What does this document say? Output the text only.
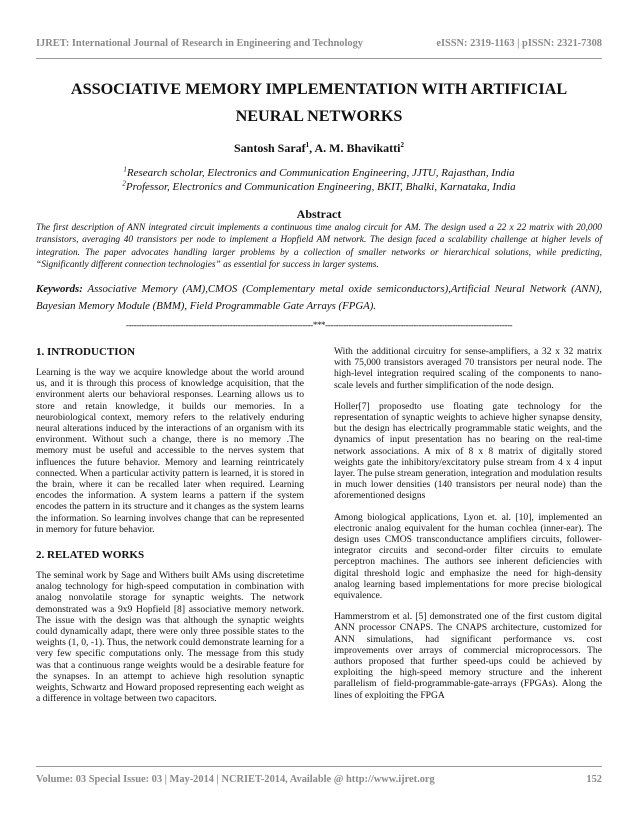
IJRET: International Journal of Research in Engineering and Technology	eISSN: 2319-1163 | pISSN: 2321-7308
ASSOCIATIVE MEMORY IMPLEMENTATION WITH ARTIFICIAL
NEURAL NETWORKS
Santosh Saraf$^1$, A. M. Bhavikatti$^2$
$^1$Research scholar, Electronics and Communication Engineering, JJTU, Rajasthan, India
$^2$Professor, Electronics and Communication Engineering, BKIT, Bhalki, Karnataka, India
Abstract
The first description of ANN integrated circuit implements a continuous time analog circuit for AM. The design used a 22 x 22 matrix with 20,000 transistors, averaging 40 transistors per node to implement a Hopfield AM network. The design faced a scalability challenge at higher levels of integration. The paper advocates handling larger problems by a collection of smaller networks or hierarchical solutions, while predicting, “Significantly different connection technologies” as essential for success in larger systems.
Keywords: Associative Memory (AM),CMOS (Complementary metal oxide semiconductors),Artificial Neural Network (ANN), Bayesian Memory Module (BMM), Field Programmable Gate Arrays (FPGA).
------------------------------------------------------------------------***------------------------------------------------------------------------
1. INTRODUCTION

Learning is the way we acquire knowledge about the world around us, and it is through this process of knowledge acquisition, that the environment alerts our behavioral responses. Learning allows us to store and retain knowledge, it builds our memories. In a neurobiological context, memory refers to the relatively enduring neural alterations induced by the interactions of an organism with its environment. Without such a change, there is no memory .The memory must be useful and accessible to the nerves system that influences the future behavior. Memory and learning reintricately connected. When a particular activity pattern is learned, it is stored in the brain, where it can be recalled later when required. Learning encodes the information. A system learns a pattern if the system encodes the pattern in its structure and it changes as the system learns the information. So learning involves change that can be represented in memory for future behavior.

2. RELATED WORKS

The seminal work by Sage and Withers built AMs using discretetime analog technology for high-speed computation in combination with analog nonvolatile storage for synaptic weights. The network demonstrated was a 9x9 Hopfield [8] associative memory network. The issue with the design was that although the synaptic weights could dynamically adapt, there were only three possible states to the weights (1, 0, -1). Thus, the network could demonstrate learning for a very few specific computations only. The message from this study was that a continuous range weights would be a desirable feature for the synapses. In an attempt to achieve high resolution synaptic weights, Schwartz and Howard proposed representing each weight as a difference in voltage between two capacitors.

With the additional circuitry for sense-amplifiers, a 32 x 32 matrix with 75,000 transistors averaged 70 transistors per neural node. The high-level integration required scaling of the components to nano-scale levels and further simplification of the node design.

Holler[7] proposedto use floating gate technology for the representation of synaptic weights to achieve higher synapse density, but the design has electrically programmable static weights, and the dynamics of input presentation has no bearing on the real-time network associations. A mix of 8 x 8 matrix of digitally stored weights gate the inhibitory/excitatory pulse stream from 4 x 4 input layer. The pulse stream generation, integration and modulation results in much lower densities (140 transistors per neural node) than the aforementioned designs

Among biological applications, Lyon et. al. [10], implemented an electronic analog equivalent for the human cochlea (inner-ear). The design uses CMOS transconductance amplifiers circuits, follower-integrator circuits and second-order filter circuits to emulate perceptron machines. The authors see inherent deficiencies with digital threshold logic and emphasize the need for high-density analog learning based implementations for more precise biological equivalence.

Hammerstrom et al. [5] demonstrated one of the first custom digital ANN processor CNAPS. The CNAPS architecture, customized for ANN simulations, had significant performance vs. cost improvements over arrays of commercial microprocessors. The authors proposed that further speed-ups could be achieved by exploiting the high-speed memory structure and the inherent parallelism of field-programmable-gate-arrays (FPGAs). Along the lines of exploiting the FPGA

Volume: 03 Special Issue: 03 | May-2014 | NCRIET-2014, Available @ http://www.ijret.org	152
